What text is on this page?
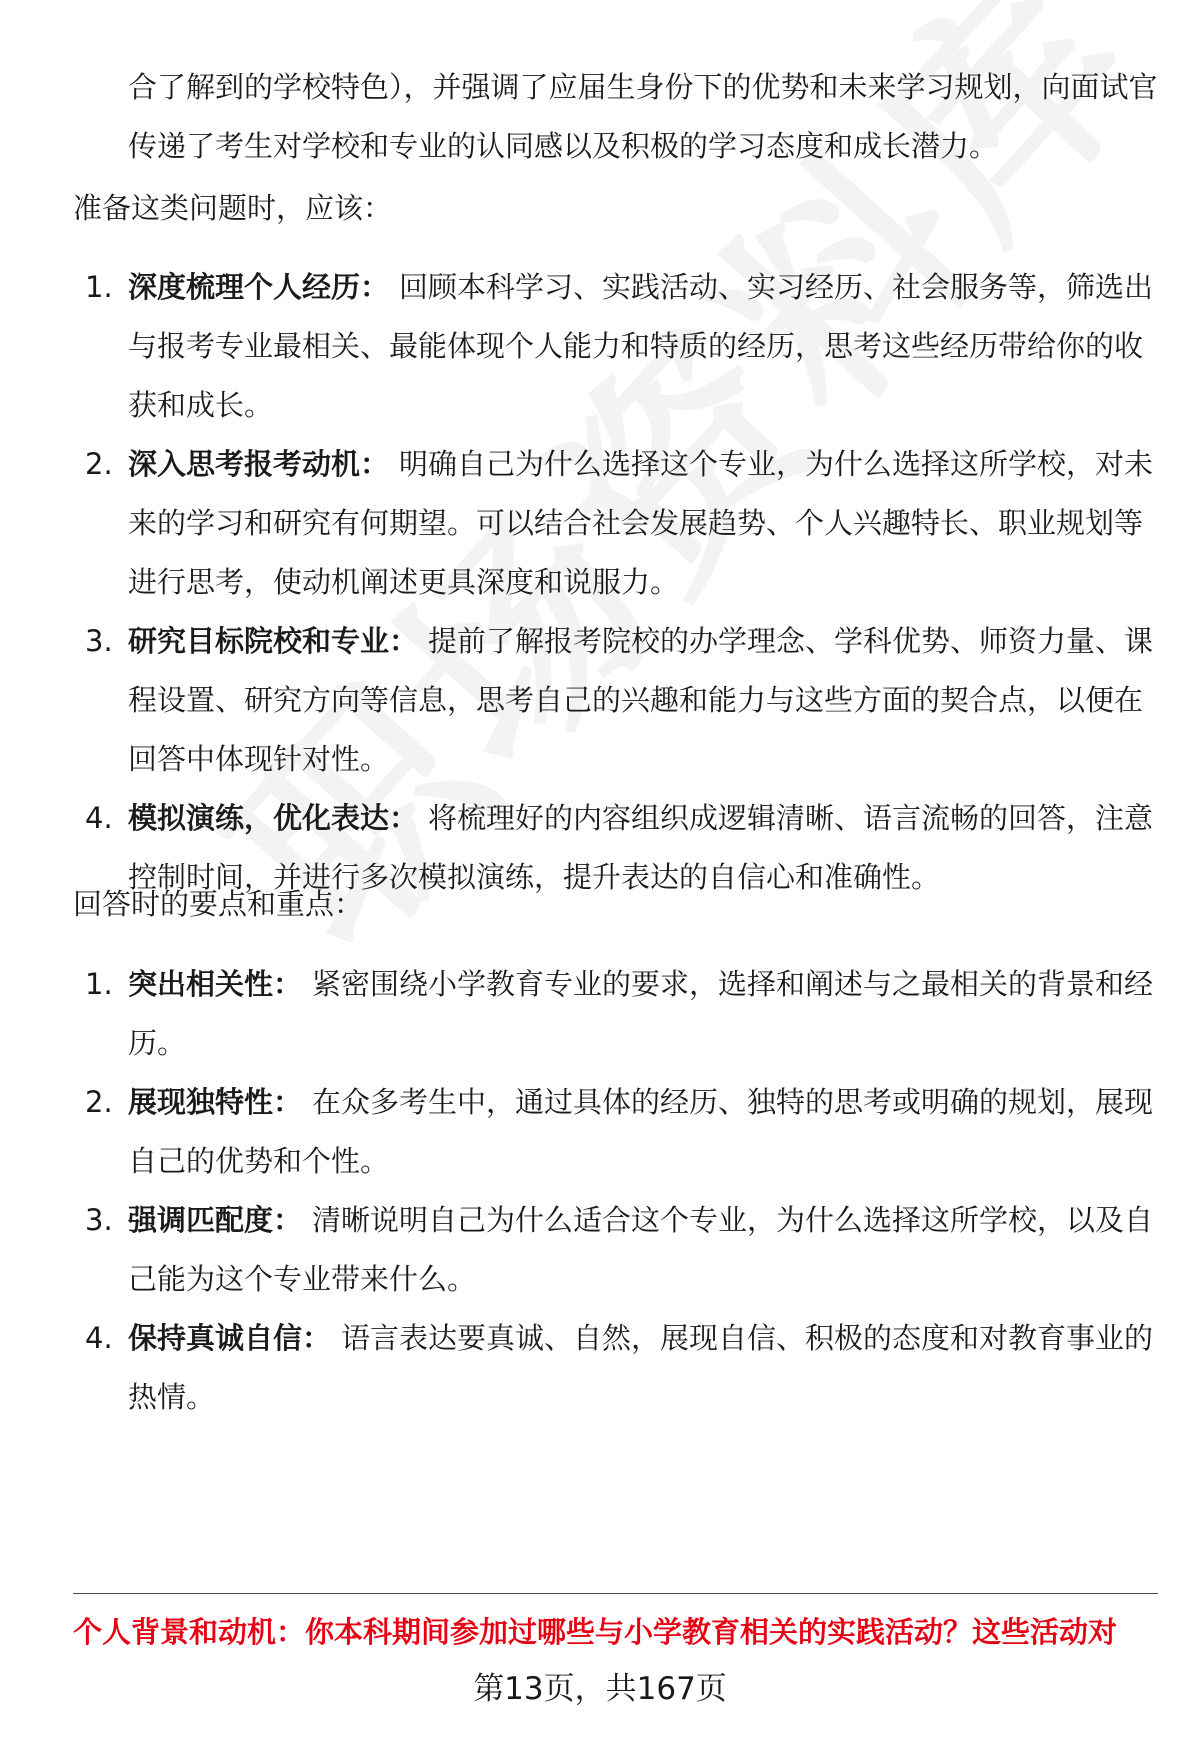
合了解到的学校特色），并强调了应届生身份下的优势和未来学习规划，向面试官传递了考生对学校和专业的认同感以及积极的学习态度和成长潜力。

准备这类问题时，应该：

1. 深度梳理个人经历： 回顾本科学习、实践活动、实习经历、社会服务等，筛选出与报考专业最相关、最能体现个人能力和特质的经历，思考这些经历带给你的收获和成长。
2. 深入思考报考动机： 明确自己为什么选择这个专业，为什么选择这所学校，对未来的学习和研究有何期望。可以结合社会发展趋势、个人兴趣特长、职业规划等进行思考，使动机阐述更具深度和说服力。
3. 研究目标院校和专业： 提前了解报考院校的办学理念、学科优势、师资力量、课程设置、研究方向等信息，思考自己的兴趣和能力与这些方面的契合点，以便在回答中体现针对性。
4. 模拟演练，优化表达： 将梳理好的内容组织成逻辑清晰、语言流畅的回答，注意控制时间，并进行多次模拟演练，提升表达的自信心和准确性。

回答时的要点和重点：

1. 突出相关性： 紧密围绕小学教育专业的要求，选择和阐述与之最相关的背景和经历。
2. 展现独特性： 在众多考生中，通过具体的经历、独特的思考或明确的规划，展现自己的优势和个性。
3. 强调匹配度： 清晰说明自己为什么适合这个专业，为什么选择这所学校，以及自己能为这个专业带来什么。
4. 保持真诚自信： 语言表达要真诚、自然，展现自信、积极的态度和对教育事业的热情。
个人背景和动机：你本科期间参加过哪些与小学教育相关的实践活动？这些活动对
第13页，共167页
